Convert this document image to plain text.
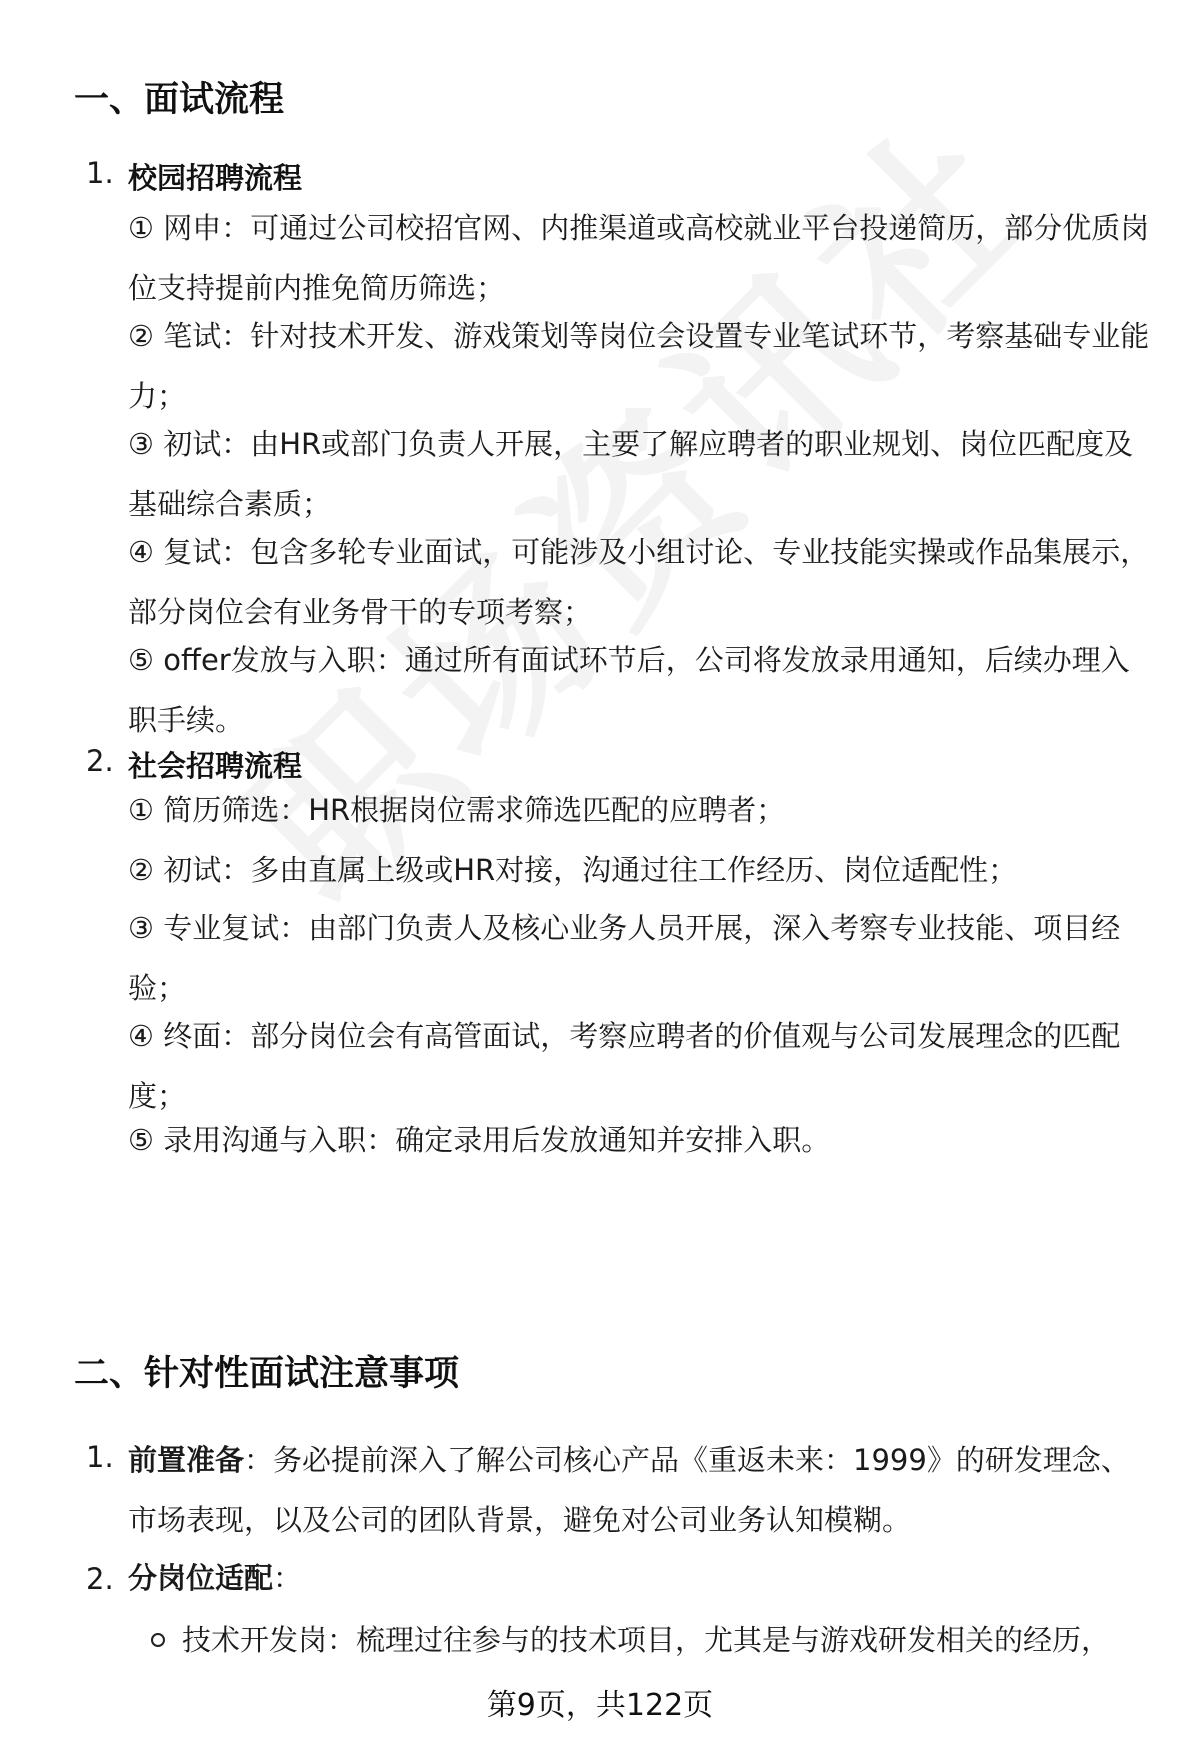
一、面试流程
1. 校园招聘流程
① 网申：可通过公司校招官网、内推渠道或高校就业平台投递简历，部分优质岗位支持提前内推免简历筛选；
② 笔试：针对技术开发、游戏策划等岗位会设置专业笔试环节，考察基础专业能力；
③ 初试：由HR或部门负责人开展，主要了解应聘者的职业规划、岗位匹配度及基础综合素质；
④ 复试：包含多轮专业面试，可能涉及小组讨论、专业技能实操或作品集展示，部分岗位会有业务骨干的专项考察；
⑤ offer发放与入职：通过所有面试环节后，公司将发放录用通知，后续办理入职手续。
2. 社会招聘流程
① 简历筛选：HR根据岗位需求筛选匹配的应聘者；
② 初试：多由直属上级或HR对接，沟通过往工作经历、岗位适配性；
③ 专业复试：由部门负责人及核心业务人员开展，深入考察专业技能、项目经验；
④ 终面：部分岗位会有高管面试，考察应聘者的价值观与公司发展理念的匹配度；
⑤ 录用沟通与入职：确定录用后发放通知并安排入职。
二、针对性面试注意事项
1. 前置准备：务必提前深入了解公司核心产品《重返未来：1999》的研发理念、市场表现，以及公司的团队背景，避免对公司业务认知模糊。
2. 分岗位适配：
技术开发岗：梳理过往参与的技术项目，尤其是与游戏研发相关的经历，
第9页，共122页
